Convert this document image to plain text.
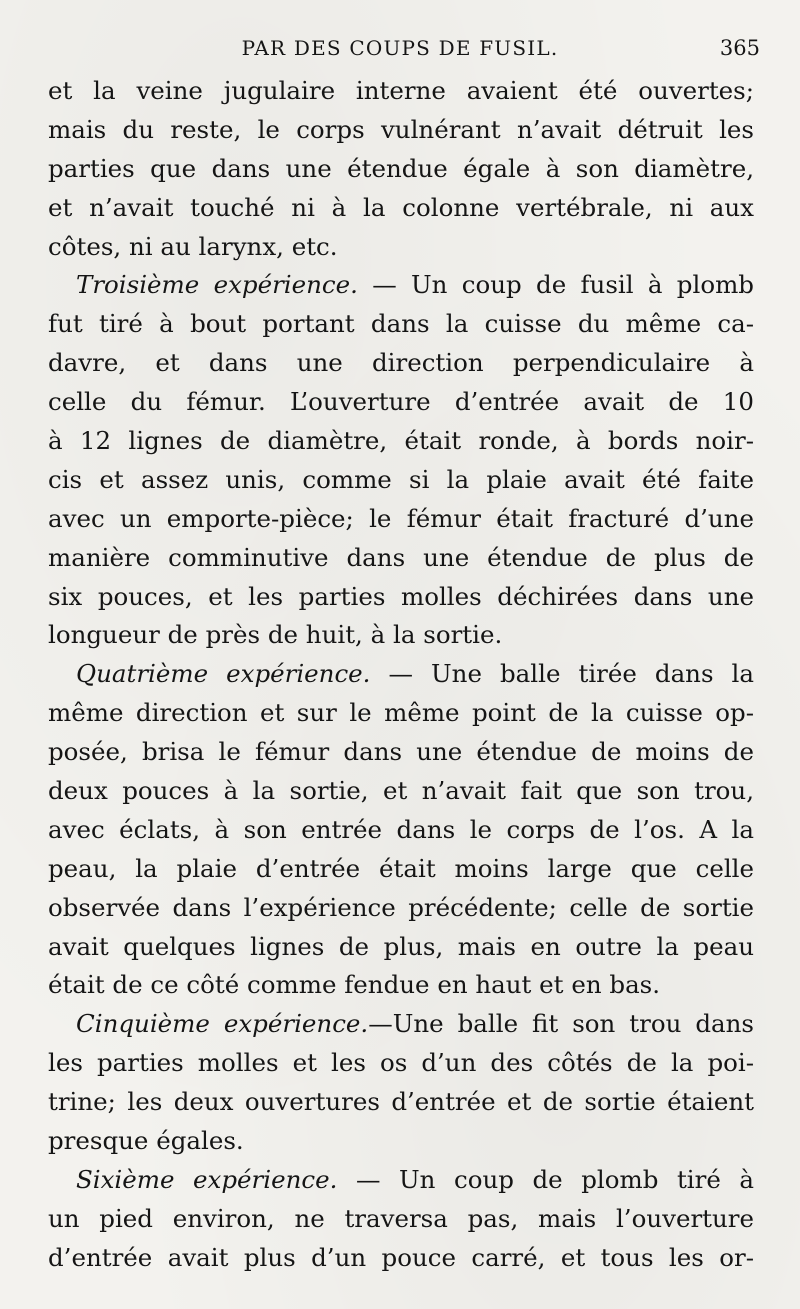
PAR DES COUPS DE FUSIL.	365
et la veine jugulaire interne avaient été ouvertes;
mais du reste, le corps vulnérant n’avait détruit les
parties que dans une étendue égale à son diamètre,
et n’avait touché ni à la colonne vertébrale, ni aux
côtes, ni au larynx, etc.
Troisième expérience. — Un coup de fusil à plomb
fut tiré à bout portant dans la cuisse du même ca-
davre, et dans une direction perpendiculaire à
celle du fémur. L’ouverture d’entrée avait de 10
à 12 lignes de diamètre, était ronde, à bords noir-
cis et assez unis, comme si la plaie avait été faite
avec un emporte-pièce; le fémur était fracturé d’une
manière comminutive dans une étendue de plus de
six pouces, et les parties molles déchirées dans une
longueur de près de huit, à la sortie.
Quatrième expérience. — Une balle tirée dans la
même direction et sur le même point de la cuisse op-
posée, brisa le fémur dans une étendue de moins de
deux pouces à la sortie, et n’avait fait que son trou,
avec éclats, à son entrée dans le corps de l’os. A la
peau, la plaie d’entrée était moins large que celle
observée dans l’expérience précédente; celle de sortie
avait quelques lignes de plus, mais en outre la peau
était de ce côté comme fendue en haut et en bas.
Cinquième expérience.—Une balle fit son trou dans
les parties molles et les os d’un des côtés de la poi-
trine; les deux ouvertures d’entrée et de sortie étaient
presque égales.
Sixième expérience. — Un coup de plomb tiré à
un pied environ, ne traversa pas, mais l’ouverture
d’entrée avait plus d’un pouce carré, et tous les or-
